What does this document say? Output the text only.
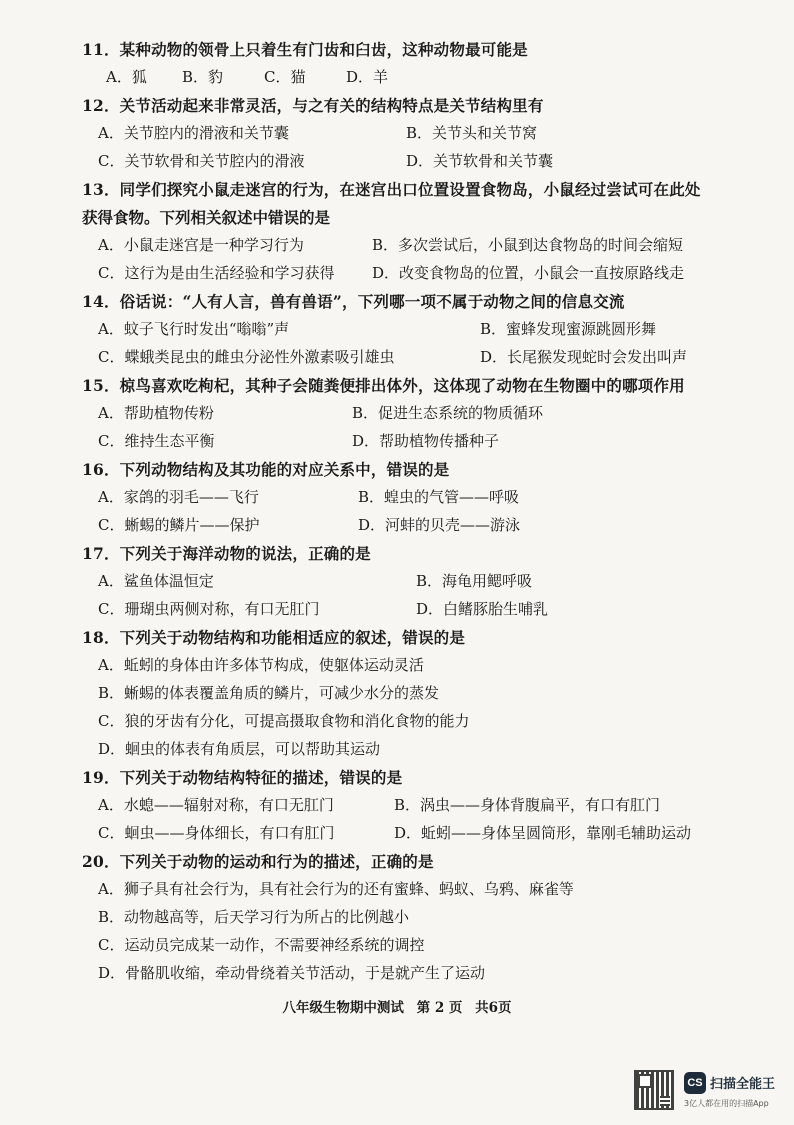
11．某种动物的领骨上只着生有门齿和臼齿，这种动物最可能是
A．狐 B．豹	C．猫	D．羊
12．关节活动起来非常灵活，与之有关的结构特点是关节结构里有
A．关节腔内的滑液和关节囊	B．关节头和关节窝
C．关节软骨和关节腔内的滑液	D．关节软骨和关节囊
13．同学们探究小鼠走迷宫的行为，在迷宫出口位置设置食物岛，小鼠经过尝试可在此处
获得食物。下列相关叙述中错误的是
A．小鼠走迷宫是一种学习行为	B．多次尝试后，小鼠到达食物岛的时间会缩短
C．这行为是由生活经验和学习获得	D．改变食物岛的位置，小鼠会一直按原路线走
14．俗话说：“人有人言，兽有兽语”，下列哪一项不属于动物之间的信息交流
A．蚊子飞行时发出“嗡嗡”声	B．蜜蜂发现蜜源跳圆形舞
C．蝶蛾类昆虫的雌虫分泌性外激素吸引雄虫	D．长尾猴发现蛇时会发出叫声
15．椋鸟喜欢吃枸杞，其种子会随粪便排出体外，这体现了动物在生物圈中的哪项作用
A．帮助植物传粉	B．促进生态系统的物质循环
C．维持生态平衡	D．帮助植物传播种子
16．下列动物结构及其功能的对应关系中，错误的是
A．家鸽的羽毛——飞行	B．蝗虫的气管——呼吸
C．蜥蜴的鳞片——保护	D．河蚌的贝壳——游泳
17．下列关于海洋动物的说法，正确的是
A．鲨鱼体温恒定	B．海龟用鳃呼吸
C．珊瑚虫两侧对称，有口无肛门	D．白鳍豚胎生哺乳
18．下列关于动物结构和功能相适应的叙述，错误的是
A．蚯蚓的身体由许多体节构成，使躯体运动灵活
B．蜥蜴的体表覆盖角质的鳞片，可减少水分的蒸发
C．狼的牙齿有分化，可提高摄取食物和消化食物的能力
D．蛔虫的体表有角质层，可以帮助其运动
19．下列关于动物结构特征的描述，错误的是
A．水螅——辐射对称，有口无肛门	B．涡虫——身体背腹扁平，有口有肛门
C．蛔虫——身体细长，有口有肛门	D．蚯蚓——身体呈圆筒形，靠刚毛辅助运动
20．下列关于动物的运动和行为的描述，正确的是
A．狮子具有社会行为，具有社会行为的还有蜜蜂、蚂蚁、乌鸦、麻雀等
B．动物越高等，后天学习行为所占的比例越小
C．运动员完成某一动作，不需要神经系统的调控
D．骨骼肌收缩，牵动骨绕着关节活动，于是就产生了运动
八年级生物期中测试 第 2 页 共6页
CS 扫描全能王
3亿人都在用的扫描App
